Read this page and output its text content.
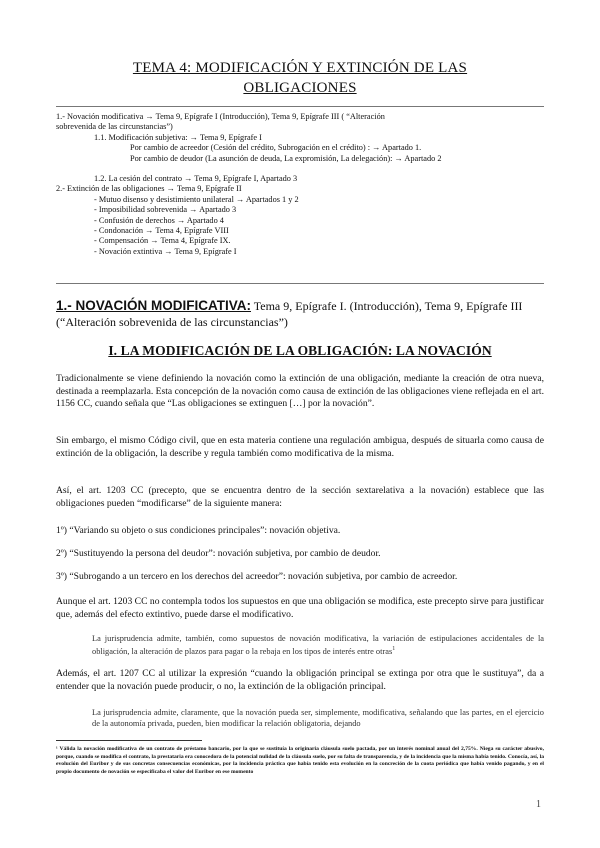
TEMA 4: MODIFICACIÓN Y EXTINCIÓN DE LAS
OBLIGACIONES
1.- Novación modificativa → Tema 9, Epígrafe I (Introducción), Tema 9, Epígrafe III ( “Alteración
sobrevenida de las circunstancias”)
1.1. Modificación subjetiva: → Tema 9, Epígrafe I
Por cambio de acreedor (Cesión del crédito, Subrogación en el crédito) : → Apartado 1.
Por cambio de deudor (La asunción de deuda, La expromisión, La delegación): → Apartado 2
1.2. La cesión del contrato → Tema 9, Epígrafe I, Apartado 3
2.- Extinción de las obligaciones → Tema 9, Epígrafe II
- Mutuo disenso y desistimiento unilateral → Apartados 1 y 2
- Imposibilidad sobrevenida → Apartado 3
- Confusión de derechos → Apartado 4
- Condonación → Tema 4, Epígrafe VIII
- Compensación → Tema 4, Epígrafe IX.
- Novación extintiva → Tema 9, Epígrafe I
1.- NOVACIÓN MODIFICATIVA: Tema 9, Epígrafe I. (Introducción), Tema 9, Epígrafe III (“Alteración sobrevenida de las circunstancias”)
I. LA MODIFICACIÓN DE LA OBLIGACIÓN: LA NOVACIÓN
Tradicionalmente se viene definiendo la novación como la extinción de una obligación, mediante la creación de otra nueva, destinada a reemplazarla. Esta concepción de la novación como causa de extinción de las obligaciones viene reflejada en el art. 1156 CC, cuando señala que “Las obligaciones se extinguen […] por la novación”.
Sin embargo, el mismo Código civil, que en esta materia contiene una regulación ambigua, después de situarla como causa de extinción de la obligación, la describe y regula también como modificativa de la misma.
Así, el art. 1203 CC (precepto, que se encuentra dentro de la sección sextarelativa a la novación) establece que las obligaciones pueden “modificarse” de la siguiente manera:
1º) “Variando su objeto o sus condiciones principales”: novación objetiva.
2º) “Sustituyendo la persona del deudor”: novación subjetiva, por cambio de deudor.
3º) “Subrogando a un tercero en los derechos del acreedor”: novación subjetiva, por cambio de acreedor.
Aunque el art. 1203 CC no contempla todos los supuestos en que una obligación se modifica, este precepto sirve para justificar que, además del efecto extintivo, puede darse el modificativo.
La jurisprudencia admite, también, como supuestos de novación modificativa, la variación de estipulaciones accidentales de la obligación, la alteración de plazos para pagar o la rebaja en los tipos de interés entre otras$^1$
Además, el art. 1207 CC al utilizar la expresión “cuando la obligación principal se extinga por otra que le sustituya”, da a entender que la novación puede producir, o no, la extinción de la obligación principal.
La jurisprudencia admite, claramente, que la novación pueda ser, simplemente, modificativa, señalando que las partes, en el ejercicio de la autonomía privada, pueden, bien modificar la relación obligatoria, dejando
¹ Válida la novación modificativa de un contrato de préstamo bancario, por la que se sustituía la originaria cláusula suelo pactada, por un interés nominal anual del 2,75%. Niega su carácter abusivo, porque, cuando se modifica el contrato, la prestataria era conocedora de la potencial nulidad de la cláusula suelo, por su falta de transparencia, y de la incidencia que la misma había tenido. Conocía, así, la evolución del Euribor y de sus concretas consecuencias económicas, por la incidencia práctica que había tenido esta evolución en la concreción de la cuota periódica que había venido pagando, y en el propio documento de novación se especificaba el valor del Euribor en ese momento
1
